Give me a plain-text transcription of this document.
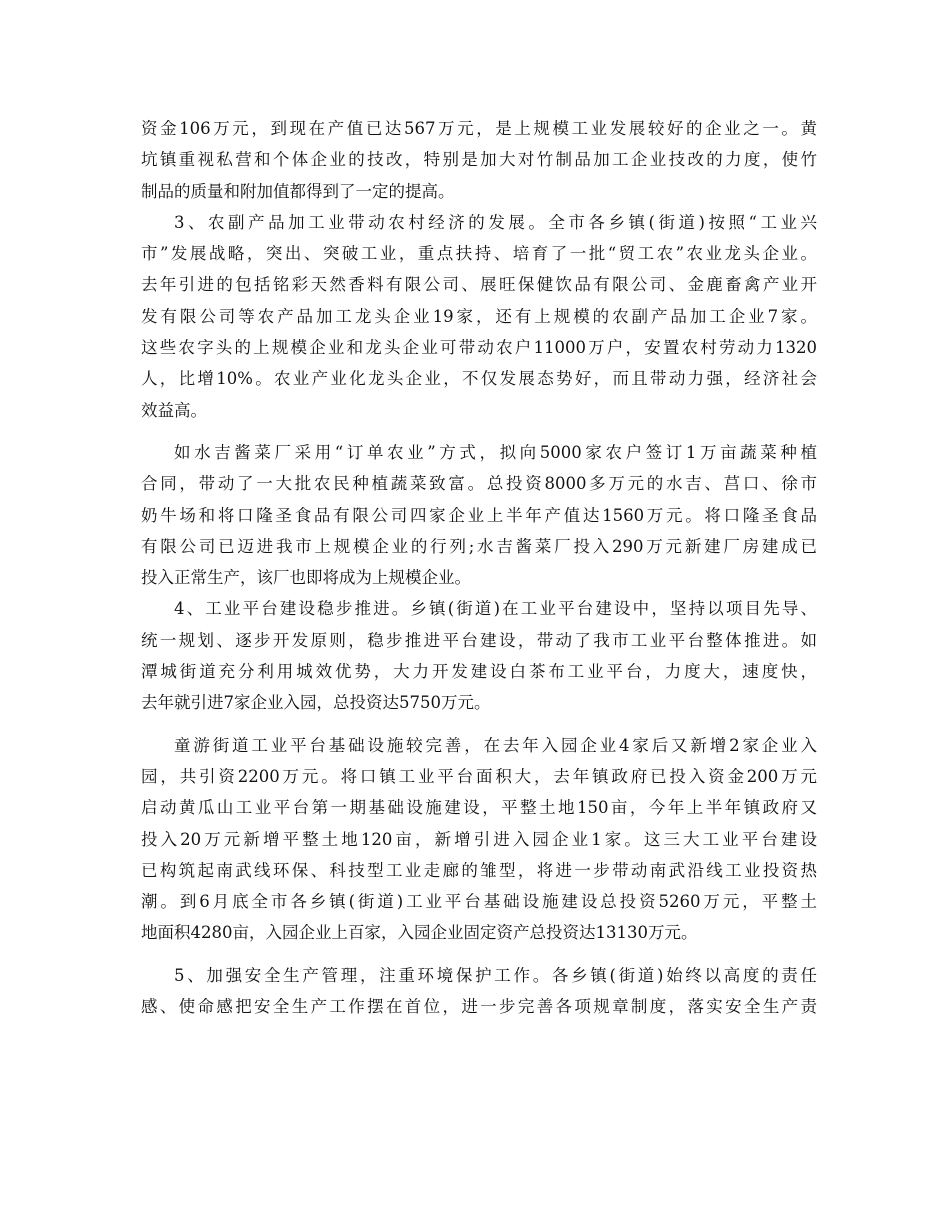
资金106万元，到现在产值已达567万元，是上规模工业发展较好的企业之一。黄
坑镇重视私营和个体企业的技改，特别是加大对竹制品加工企业技改的力度，使竹
制品的质量和附加值都得到了一定的提高。
3、农副产品加工业带动农村经济的发展。全市各乡镇(街道)按照“工业兴
市”发展战略，突出、突破工业，重点扶持、培育了一批“贸工农”农业龙头企业。
去年引进的包括铭彩天然香料有限公司、展旺保健饮品有限公司、金鹿畜禽产业开
发有限公司等农产品加工龙头企业19家，还有上规模的农副产品加工企业7家。
这些农字头的上规模企业和龙头企业可带动农户11000万户，安置农村劳动力1320
人，比增10%。农业产业化龙头企业，不仅发展态势好，而且带动力强，经济社会
效益高。
如水吉酱菜厂采用“订单农业”方式，拟向5000家农户签订1万亩蔬菜种植
合同，带动了一大批农民种植蔬菜致富。总投资8000多万元的水吉、莒口、徐市
奶牛场和将口隆圣食品有限公司四家企业上半年产值达1560万元。将口隆圣食品
有限公司已迈进我市上规模企业的行列;水吉酱菜厂投入290万元新建厂房建成已
投入正常生产，该厂也即将成为上规模企业。
4、工业平台建设稳步推进。乡镇(街道)在工业平台建设中，坚持以项目先导、
统一规划、逐步开发原则，稳步推进平台建设，带动了我市工业平台整体推进。如
潭城街道充分利用城效优势，大力开发建设白茶布工业平台，力度大，速度快，
去年就引进7家企业入园，总投资达5750万元。
童游街道工业平台基础设施较完善，在去年入园企业4家后又新增2家企业入
园，共引资2200万元。将口镇工业平台面积大，去年镇政府已投入资金200万元
启动黄瓜山工业平台第一期基础设施建设，平整土地150亩，今年上半年镇政府又
投入20万元新增平整土地120亩，新增引进入园企业1家。这三大工业平台建设
已构筑起南武线环保、科技型工业走廊的雏型，将进一步带动南武沿线工业投资热
潮。到6月底全市各乡镇(街道)工业平台基础设施建设总投资5260万元，平整土
地面积4280亩，入园企业上百家，入园企业固定资产总投资达13130万元。
5、加强安全生产管理，注重环境保护工作。各乡镇(街道)始终以高度的责任
感、使命感把安全生产工作摆在首位，进一步完善各项规章制度，落实安全生产责
